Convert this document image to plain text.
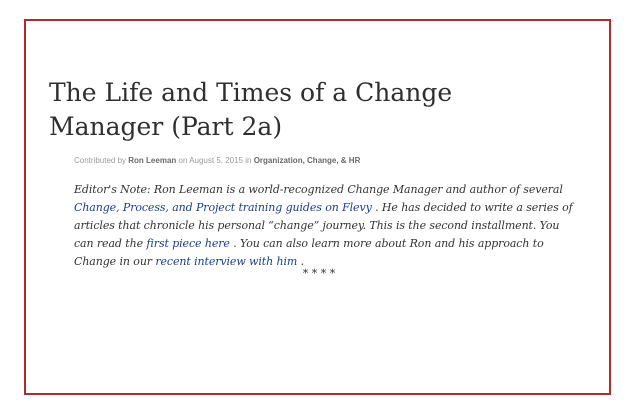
The Life and Times of a Change
Manager (Part 2a)
Contributed by Ron Leeman on August 5, 2015 in Organization, Change, & HR
Editor's Note: Ron Leeman is a world-recognized Change Manager and author of several Change, Process, and Project training guides on Flevy . He has decided to write a series of articles that chronicle his personal “change” journey. This is the second installment. You can read the first piece here . You can also learn more about Ron and his approach to Change in our recent interview with him .
* * * *
